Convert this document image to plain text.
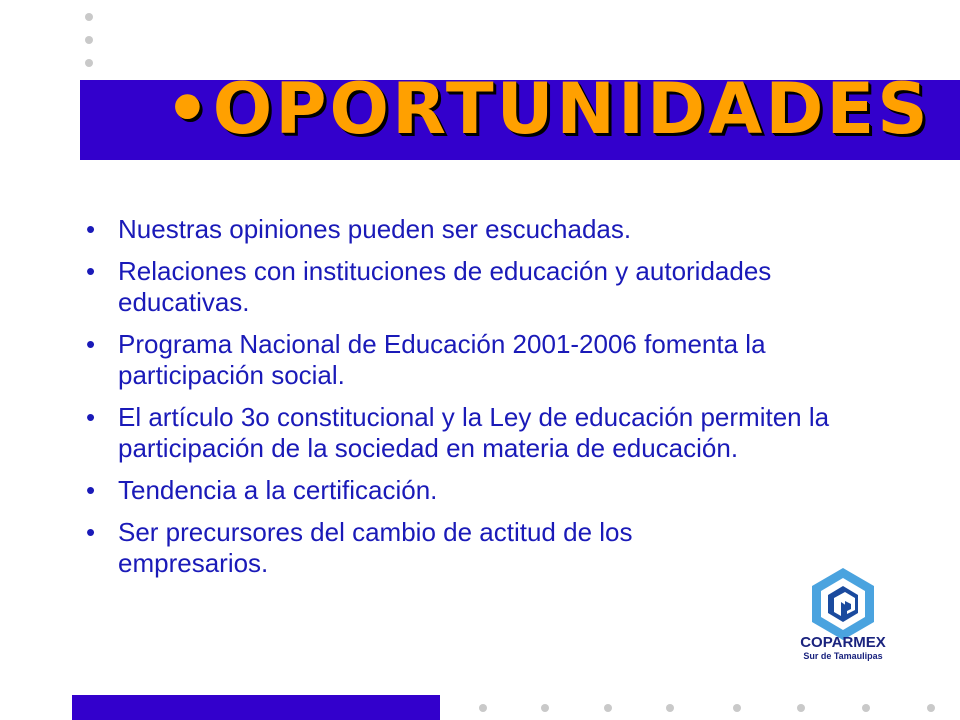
•OPORTUNIDADES
• Nuestras opiniones pueden ser escuchadas.
• Relaciones con instituciones de educación y autoridades educativas.
• Programa Nacional de Educación 2001-2006 fomenta la participación social.
• El artículo 3o constitucional y la Ley de educación permiten la participación de la sociedad en materia de educación.
• Tendencia a la certificación.
• Ser precursores del cambio de actitud de los empresarios.
COPARMEX
Sur de Tamaulipas
